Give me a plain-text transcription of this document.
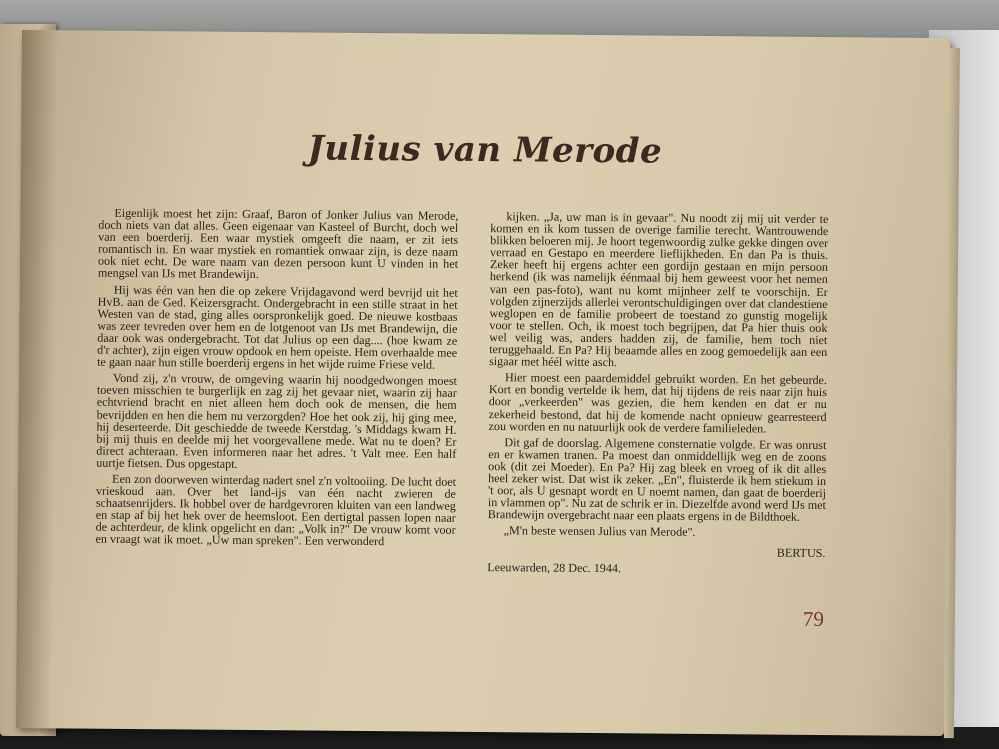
Julius van Merode

Eigenlijk moest het zijn: Graaf, Baron of Jonker Julius van Merode, doch niets van dat alles. Geen eigenaar van Kasteel of Burcht, doch wel van een boerderij. Een waar mystiek omgeeft die naam, er zit iets romantisch in. En waar mystiek en romantiek onwaar zijn, is deze naam ook niet echt. De ware naam van dezen persoon kunt U vinden in het mengsel van IJs met Brandewijn.

Hij was één van hen die op zekere Vrijdagavond werd bevrijd uit het HvB. aan de Ged. Keizersgracht. Ondergebracht in een stille straat in het Westen van de stad, ging alles oorspronkelijk goed. De nieuwe kostbaas was zeer tevreden over hem en de lotgenoot van IJs met Brandewijn, die daar ook was ondergebracht. Tot dat Julius op een dag.... (hoe kwam ze d'r achter), zijn eigen vrouw opdook en hem opeiste. Hem overhaalde mee te gaan naar hun stille boerderij ergens in het wijde ruime Friese veld.

Vond zij, z'n vrouw, de omgeving waarin hij noodgedwongen moest toeven misschien te burgerlijk en zag zij het gevaar niet, waarin zij haar echtvriend bracht en niet alleen hem doch ook de mensen, die hem bevrijdden en hen die hem nu verzorgden? Hoe het ook zij, hij ging mee, hij deserteerde. Dit geschiedde de tweede Kerstdag. 's Middags kwam H. bij mij thuis en deelde mij het voorgevallene mede. Wat nu te doen? Er direct achteraan. Even informeren naar het adres. 't Valt mee. Een half uurtje fietsen. Dus opgestapt.

Een zon doorweven winterdag nadert snel z'n voltooiing. De lucht doet vrieskoud aan. Over het land-ijs van één nacht zwieren de schaatsenrijders. Ik hobbel over de hardgevroren kluiten van een landweg en stap af bij het hek over de heemsloot. Een dertigtal passen lopen naar de achterdeur, de klink opgelicht en dan: „Volk in?" De vrouw komt voor en vraagt wat ik moet. „Uw man spreken". Een verwonderd

kijken. „Ja, uw man is in gevaar". Nu noodt zij mij uit verder te komen en ik kom tussen de overige familie terecht. Wantrouwende blikken beloeren mij. Je hoort tegenwoordig zulke gekke dingen over verraad en Gestapo en meerdere lieflijkheden. En dan Pa is thuis. Zeker heeft hij ergens achter een gordijn gestaan en mijn persoon herkend (ik was namelijk éénmaal bij hem geweest voor het nemen van een pas-foto), want nu komt mijnheer zelf te voorschijn. Er volgden zijnerzijds allerlei verontschuldigingen over dat clandestiene weglopen en de familie probeert de toestand zo gunstig mogelijk voor te stellen. Och, ik moest toch begrijpen, dat Pa hier thuis ook wel veilig was, anders hadden zij, de familie, hem toch niet teruggehaald. En Pa? Hij beaamde alles en zoog gemoedelijk aan een sigaar met héél witte asch.

Hier moest een paardemiddel gebruikt worden. En het gebeurde. Kort en bondig vertelde ik hem, dat hij tijdens de reis naar zijn huis door „verkeerden" was gezien, die hem kenden en dat er nu zekerheid bestond, dat hij de komende nacht opnieuw gearresteerd zou worden en nu natuurlijk ook de verdere familieleden.

Dit gaf de doorslag. Algemene consternatie volgde. Er was onrust en er kwamen tranen. Pa moest dan onmiddellijk weg en de zoons ook (dit zei Moeder). En Pa? Hij zag bleek en vroeg of ik dit alles heel zeker wist. Dat wist ik zeker. „En", fluisterde ik hem stiekum in 't oor, als U gesnapt wordt en U noemt namen, dan gaat de boerderij in vlammen op". Nu zat de schrik er in. Diezelfde avond werd IJs met Brandewijn overgebracht naar een plaats ergens in de Bildthoek.

„M'n beste wensen Julius van Merode".

BERTUS.

Leeuwarden, 28 Dec. 1944.

79
